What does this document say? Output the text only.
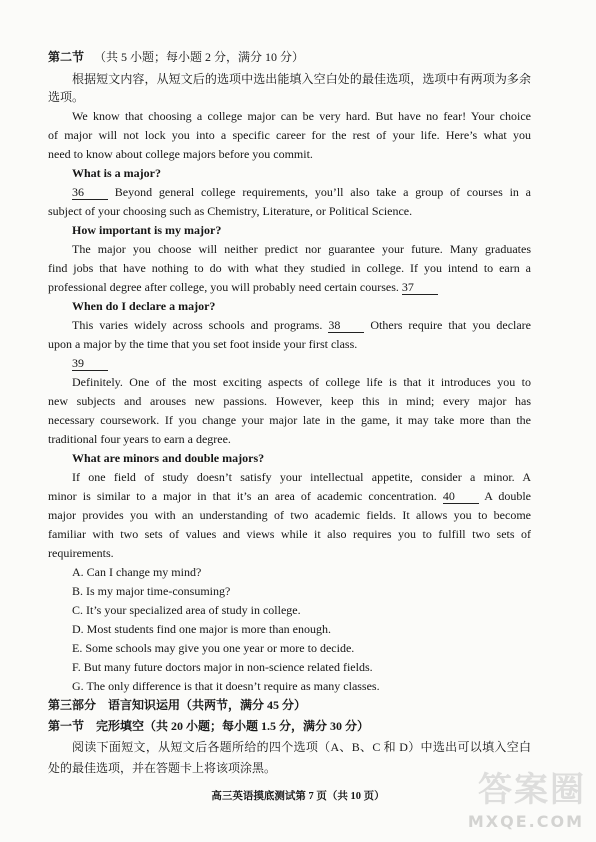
第二节 （共 5 小题；每小题 2 分，满分 10 分）
根据短文内容，从短文后的选项中选出能填入空白处的最佳选项，选项中有两项为多余选项。
We know that choosing a college major can be very hard. But have no fear! Your choice
of major will not lock you into a specific career for the rest of your life. Here’s what you
need to know about college majors before you commit.
What is a major?
36	Beyond general college requirements, you’ll also take a group of courses in a
subject of your choosing such as Chemistry, Literature, or Political Science.
How important is my major?
The major you choose will neither predict nor guarantee your future. Many graduates
find jobs that have nothing to do with what they studied in college. If you intend to earn a
professional degree after college, you will probably need certain courses. 37
When do I declare a major?
This varies widely across schools and programs. 38	Others require that you declare
upon a major by the time that you set foot inside your first class.
39
Definitely. One of the most exciting aspects of college life is that it introduces you to
new subjects and arouses new passions. However, keep this in mind; every major has
necessary coursework. If you change your major late in the game, it may take more than the
traditional four years to earn a degree.
What are minors and double majors?
If one field of study doesn’t satisfy your intellectual appetite, consider a minor. A
minor is similar to a major in that it’s an area of academic concentration. 40 A double
major provides you with an understanding of two academic fields. It allows you to become
familiar with two sets of values and views while it also requires you to fulfill two sets of
requirements.
A. Can I change my mind?
B. Is my major time-consuming?
C. It’s your specialized area of study in college.
D. Most students find one major is more than enough.
E. Some schools may give you one year or more to decide.
F. But many future doctors major in non-science related fields.
G. The only difference is that it doesn’t require as many classes.
第三部分 语言知识运用（共两节，满分 45 分）
第一节 完形填空（共 20 小题；每小题 1.5 分，满分 30 分）
阅读下面短文，从短文后各题所给的四个选项（A、B、C 和 D）中选出可以填入空白处的最佳选项，并在答题卡上将该项涂黑。
高三英语摸底测试第 7 页（共 10 页）	答案圈
MXQE.COM
